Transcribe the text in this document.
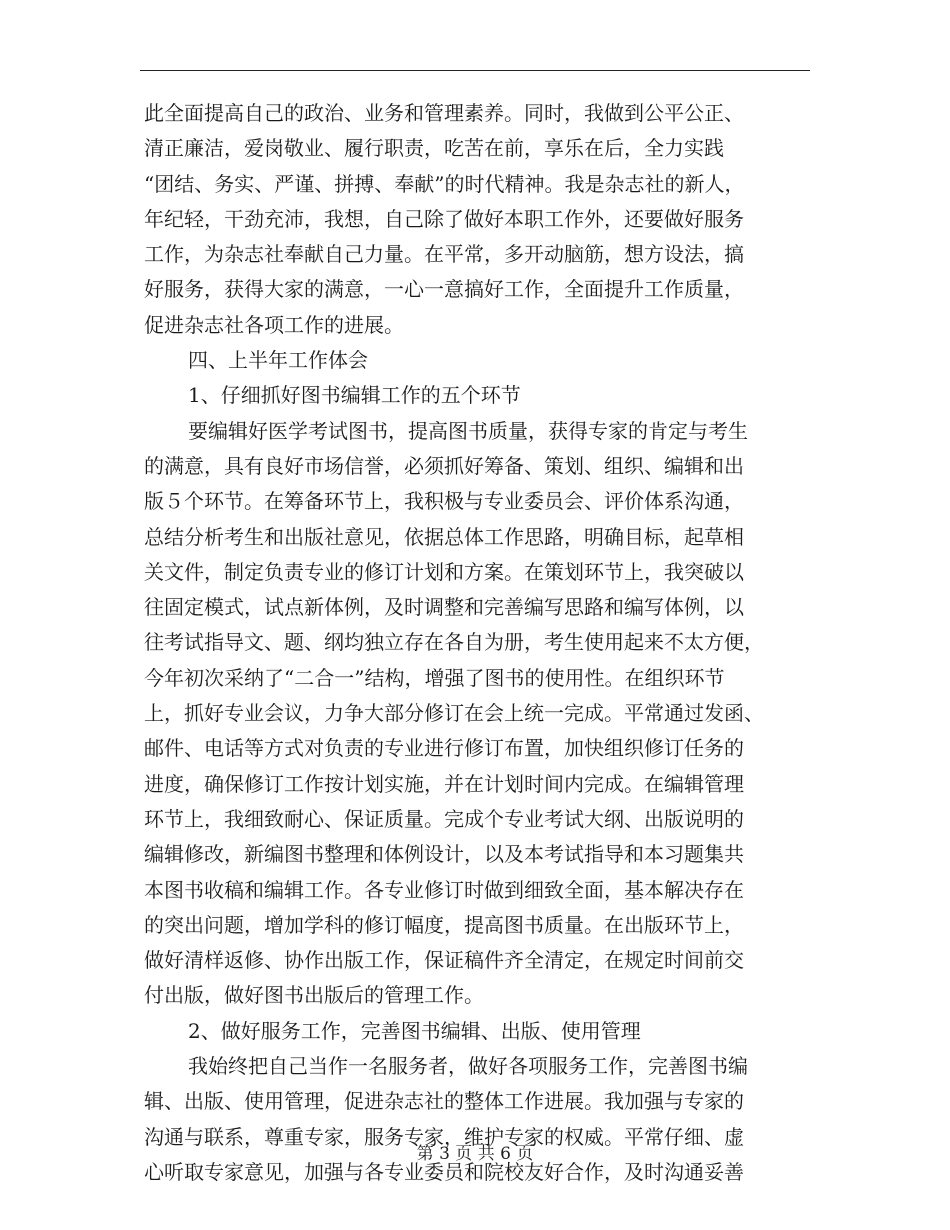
此全面提高自己的政治、业务和管理素养。同时，我做到公平公正、
清正廉洁，爱岗敬业、履行职责，吃苦在前，享乐在后，全力实践
“团结、务实、严谨、拼搏、奉献”的时代精神。我是杂志社的新人，
年纪轻，干劲充沛，我想，自己除了做好本职工作外，还要做好服务
工作，为杂志社奉献自己力量。在平常，多开动脑筋，想方设法，搞
好服务，获得大家的满意，一心一意搞好工作，全面提升工作质量，
促进杂志社各项工作的进展。
四、上半年工作体会
1、仔细抓好图书编辑工作的五个环节
要编辑好医学考试图书，提高图书质量，获得专家的肯定与考生
的满意，具有良好市场信誉，必须抓好筹备、策划、组织、编辑和出
版５个环节。在筹备环节上，我积极与专业委员会、评价体系沟通，
总结分析考生和出版社意见，依据总体工作思路，明确目标，起草相
关文件，制定负责专业的修订计划和方案。在策划环节上，我突破以
往固定模式，试点新体例，及时调整和完善编写思路和编写体例，以
往考试指导文、题、纲均独立存在各自为册，考生使用起来不太方便，
今年初次采纳了“二合一”结构，增强了图书的使用性。在组织环节
上，抓好专业会议，力争大部分修订在会上统一完成。平常通过发函、
邮件、电话等方式对负责的专业进行修订布置，加快组织修订任务的
进度，确保修订工作按计划实施，并在计划时间内完成。在编辑管理
环节上，我细致耐心、保证质量。完成个专业考试大纲、出版说明的
编辑修改，新编图书整理和体例设计，以及本考试指导和本习题集共
本图书收稿和编辑工作。各专业修订时做到细致全面，基本解决存在
的突出问题，增加学科的修订幅度，提高图书质量。在出版环节上，
做好清样返修、协作出版工作，保证稿件齐全清定，在规定时间前交
付出版，做好图书出版后的管理工作。
2、做好服务工作，完善图书编辑、出版、使用管理
我始终把自己当作一名服务者，做好各项服务工作，完善图书编
辑、出版、使用管理，促进杂志社的整体工作进展。我加强与专家的
沟通与联系，尊重专家，服务专家，维护专家的权威。平常仔细、虚
心听取专家意见，加强与各专业委员和院校友好合作，及时沟通妥善
第 3 页 共 6 页
